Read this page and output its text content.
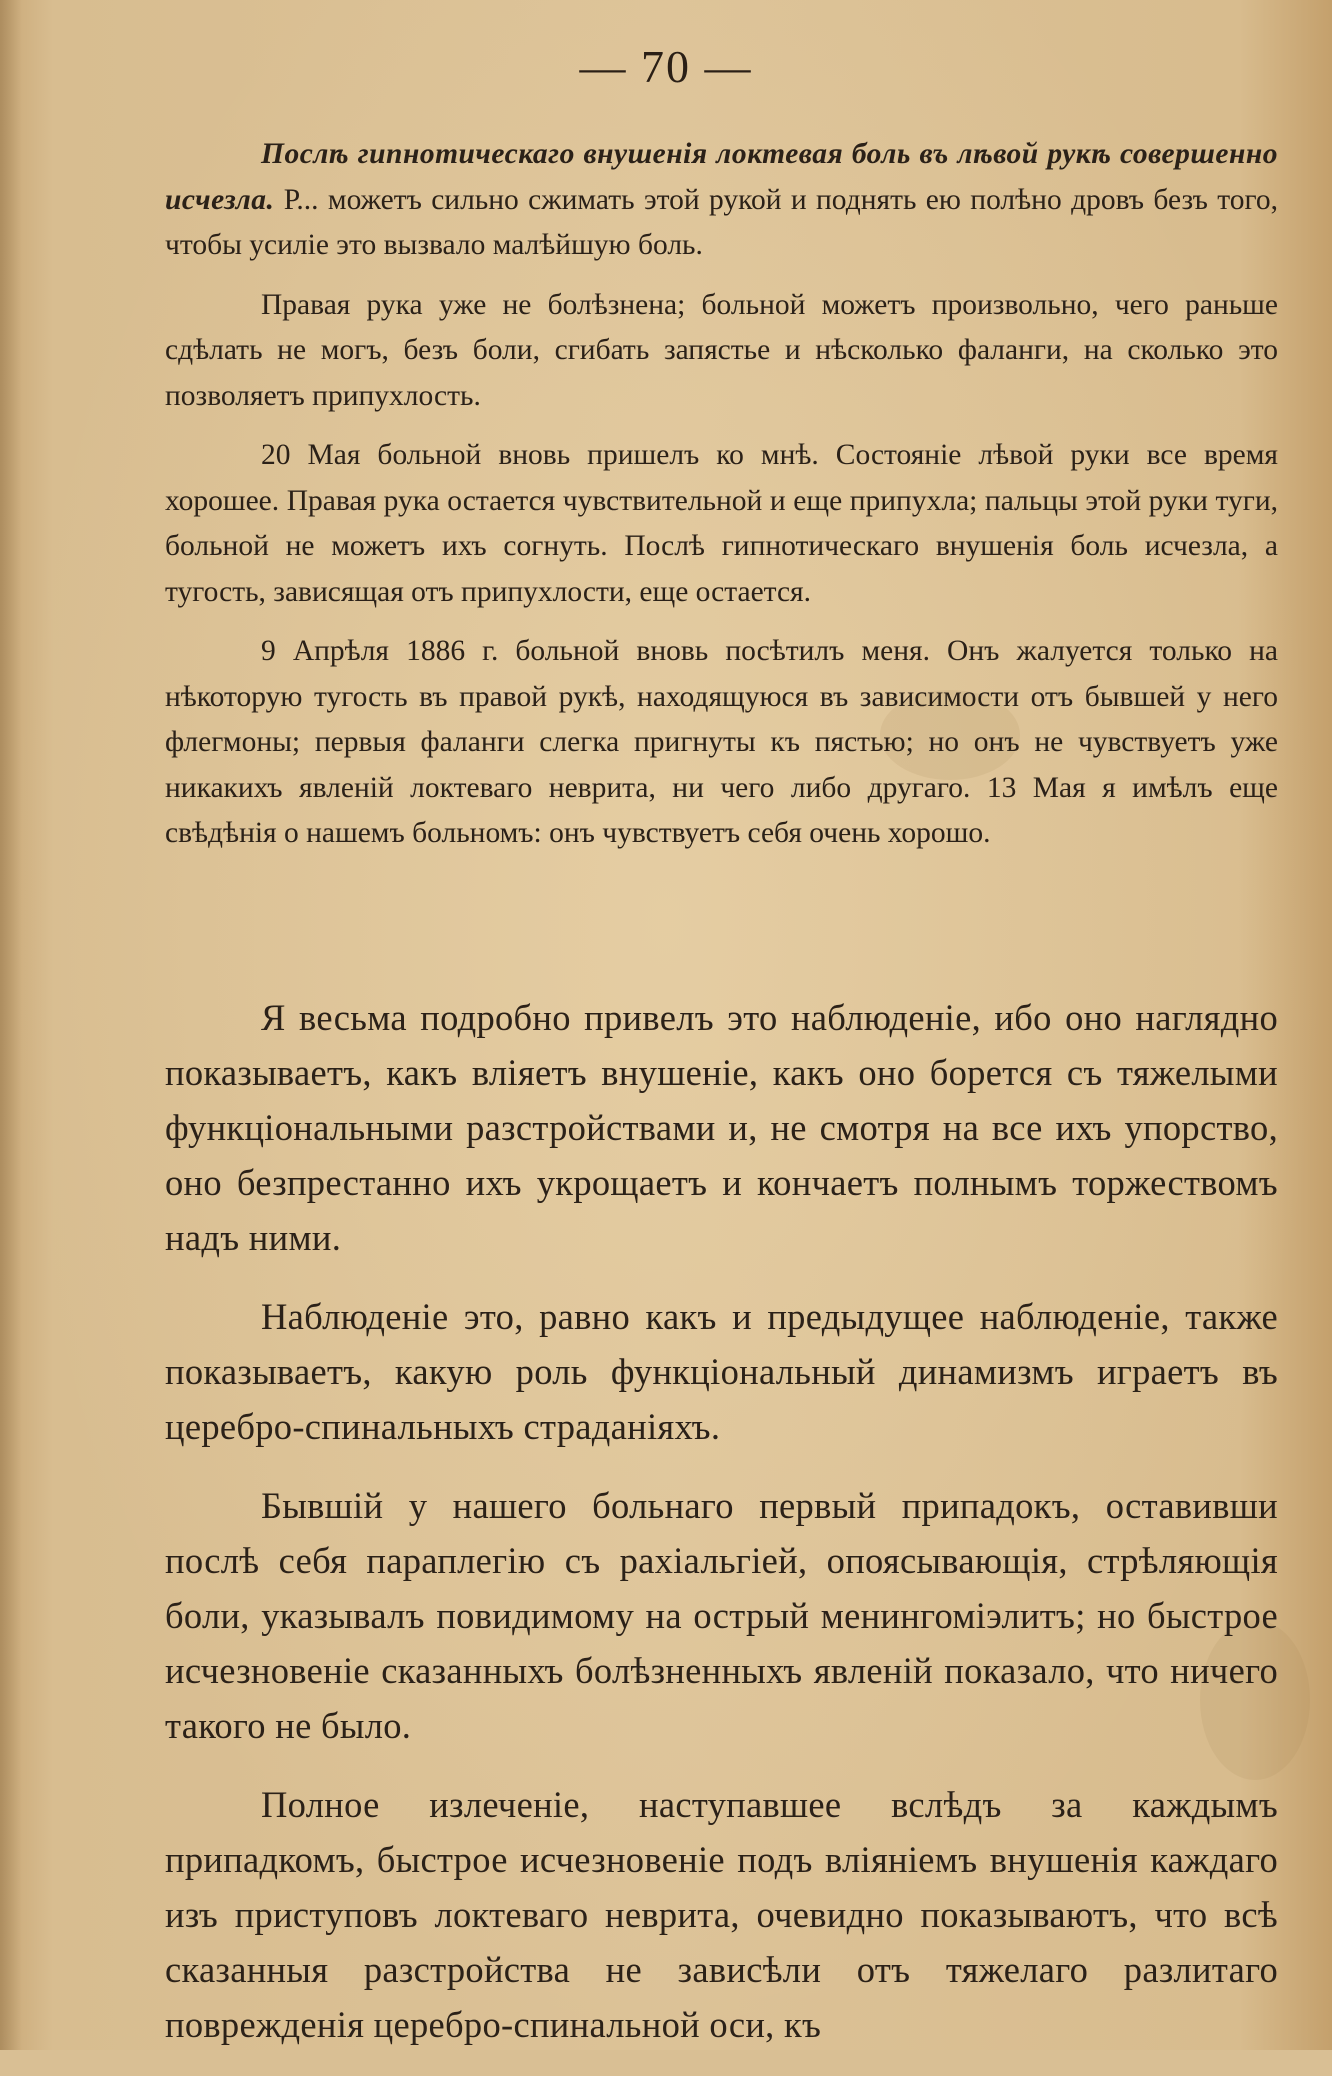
— 70 —

Послѣ гипнотическаго внушенія локтевая боль въ лѣвой рукѣ совершенно исчезла. Р... можетъ сильно сжимать этой рукой и поднять ею полѣно дровъ безъ того, чтобы усиліе это вызвало малѣйшую боль.

Правая рука уже не болѣзнена; больной можетъ произвольно, чего раньше сдѣлать не могъ, безъ боли, сгибать запястье и нѣсколько фаланги, на сколько это позволяетъ припухлость.

20 Мая больной вновь пришелъ ко мнѣ. Состояніе лѣвой руки все время хорошее. Правая рука остается чувствительной и еще припухла; пальцы этой руки туги, больной не можетъ ихъ согнуть. Послѣ гипнотическаго внушенія боль исчезла, а тугость, зависящая отъ припухлости, еще остается.

9 Апрѣля 1886 г. больной вновь посѣтилъ меня. Онъ жалуется только на нѣкоторую тугость въ правой рукѣ, находящуюся въ зависимости отъ бывшей у него флегмоны; первыя фаланги слегка пригнуты къ пястью; но онъ не чувствуетъ уже никакихъ явленій локтеваго неврита, ни чего либо другаго. 13 Мая я имѣлъ еще свѣдѣнія о нашемъ больномъ: онъ чувствуетъ себя очень хорошо.

Я весьма подробно привелъ это наблюденіе, ибо оно наглядно показываетъ, какъ вліяетъ внушеніе, какъ оно борется съ тяжелыми функціональными разстройствами и, не смотря на все ихъ упорство, оно безпрестанно ихъ укрощаетъ и кончаетъ полнымъ торжествомъ надъ ними.

Наблюденіе это, равно какъ и предыдущее наблюденіе, также показываетъ, какую роль функціональный динамизмъ играетъ въ церебро-спинальныхъ страданіяхъ.

Бывшій у нашего больнаго первый припадокъ, оставивши послѣ себя параплегію съ рахіальгіей, опоясывающія, стрѣляющія боли, указывалъ повидимому на острый менингоміэлитъ; но быстрое исчезновеніе сказанныхъ болѣзненныхъ явленій показало, что ничего такого не было.

Полное излеченіе, наступавшее вслѣдъ за каждымъ припадкомъ, быстрое исчезновеніе подъ вліяніемъ внушенія каждаго изъ приступовъ локтеваго неврита, очевидно показываютъ, что всѣ сказанныя разстройства не зависѣли отъ тяжелаго разлитаго поврежденія церебро-спинальной оси, къ
